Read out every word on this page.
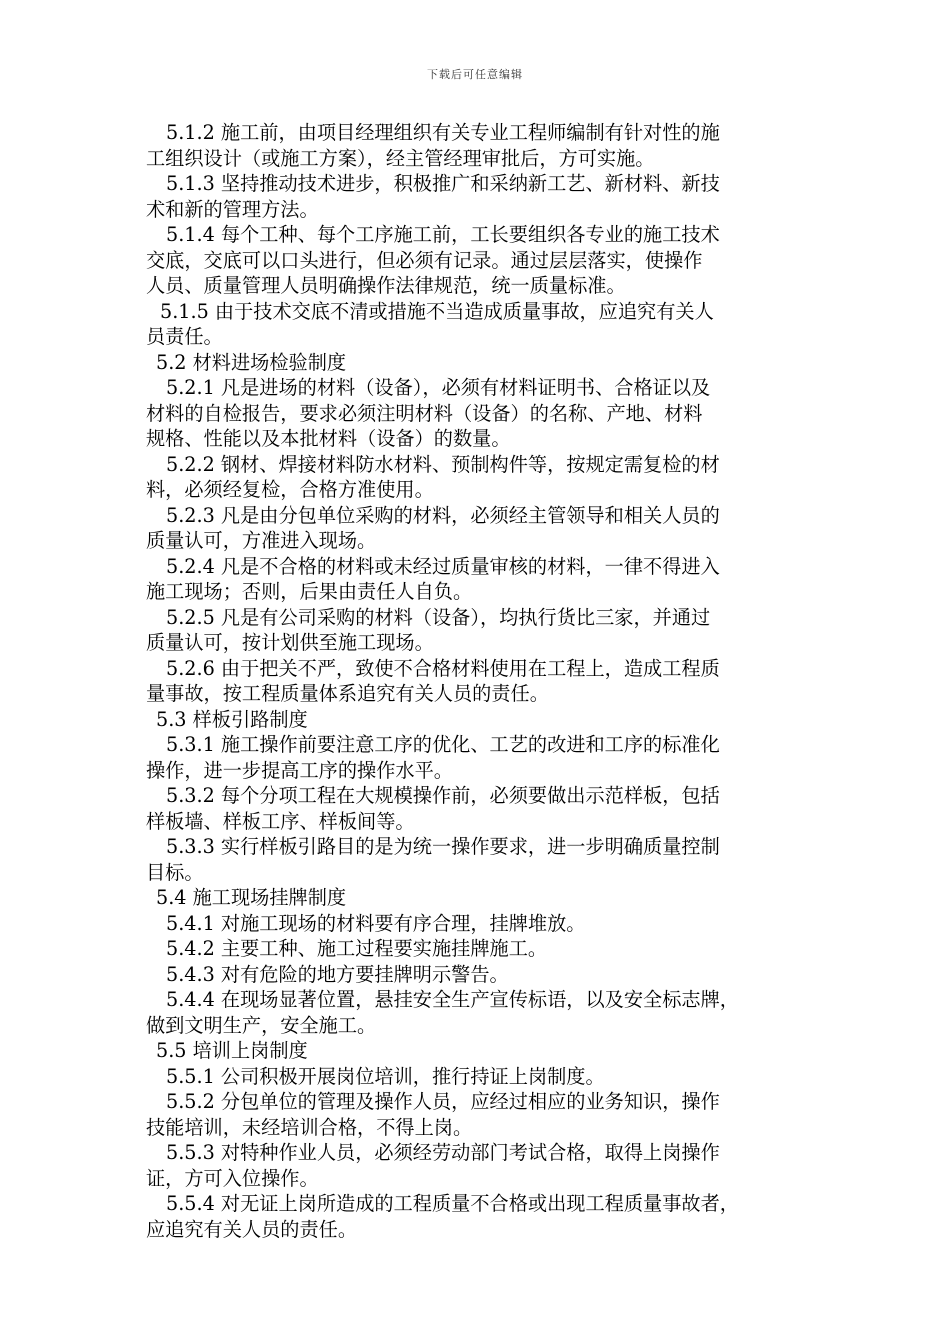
下载后可任意编辑
5.1.2 施工前，由项目经理组织有关专业工程师编制有针对性的施
工组织设计（或施工方案），经主管经理审批后，方可实施。
5.1.3 坚持推动技术进步，积极推广和采纳新工艺、新材料、新技
术和新的管理方法。
5.1.4 每个工种、每个工序施工前，工长要组织各专业的施工技术
交底，交底可以口头进行，但必须有记录。通过层层落实，使操作
人员、质量管理人员明确操作法律规范，统一质量标准。
5.1.5 由于技术交底不清或措施不当造成质量事故，应追究有关人
员责任。
5.2 材料进场检验制度
5.2.1 凡是进场的材料（设备），必须有材料证明书、合格证以及
材料的自检报告，要求必须注明材料（设备）的名称、产地、材料
规格、性能以及本批材料（设备）的数量。
5.2.2 钢材、焊接材料防水材料、预制构件等，按规定需复检的材
料，必须经复检，合格方准使用。
5.2.3 凡是由分包单位采购的材料，必须经主管领导和相关人员的
质量认可，方准进入现场。
5.2.4 凡是不合格的材料或未经过质量审核的材料，一律不得进入
施工现场；否则，后果由责任人自负。
5.2.5 凡是有公司采购的材料（设备），均执行货比三家，并通过
质量认可，按计划供至施工现场。
5.2.6 由于把关不严，致使不合格材料使用在工程上，造成工程质
量事故，按工程质量体系追究有关人员的责任。
5.3 样板引路制度
5.3.1 施工操作前要注意工序的优化、工艺的改进和工序的标准化
操作，进一步提高工序的操作水平。
5.3.2 每个分项工程在大规模操作前，必须要做出示范样板，包括
样板墙、样板工序、样板间等。
5.3.3 实行样板引路目的是为统一操作要求，进一步明确质量控制
目标。
5.4 施工现场挂牌制度
5.4.1 对施工现场的材料要有序合理，挂牌堆放。
5.4.2 主要工种、施工过程要实施挂牌施工。
5.4.3 对有危险的地方要挂牌明示警告。
5.4.4 在现场显著位置，悬挂安全生产宣传标语，以及安全标志牌，
做到文明生产，安全施工。
5.5 培训上岗制度
5.5.1 公司积极开展岗位培训，推行持证上岗制度。
5.5.2 分包单位的管理及操作人员，应经过相应的业务知识，操作
技能培训，未经培训合格，不得上岗。
5.5.3 对特种作业人员，必须经劳动部门考试合格，取得上岗操作
证，方可入位操作。
5.5.4 对无证上岗所造成的工程质量不合格或出现工程质量事故者，
应追究有关人员的责任。
